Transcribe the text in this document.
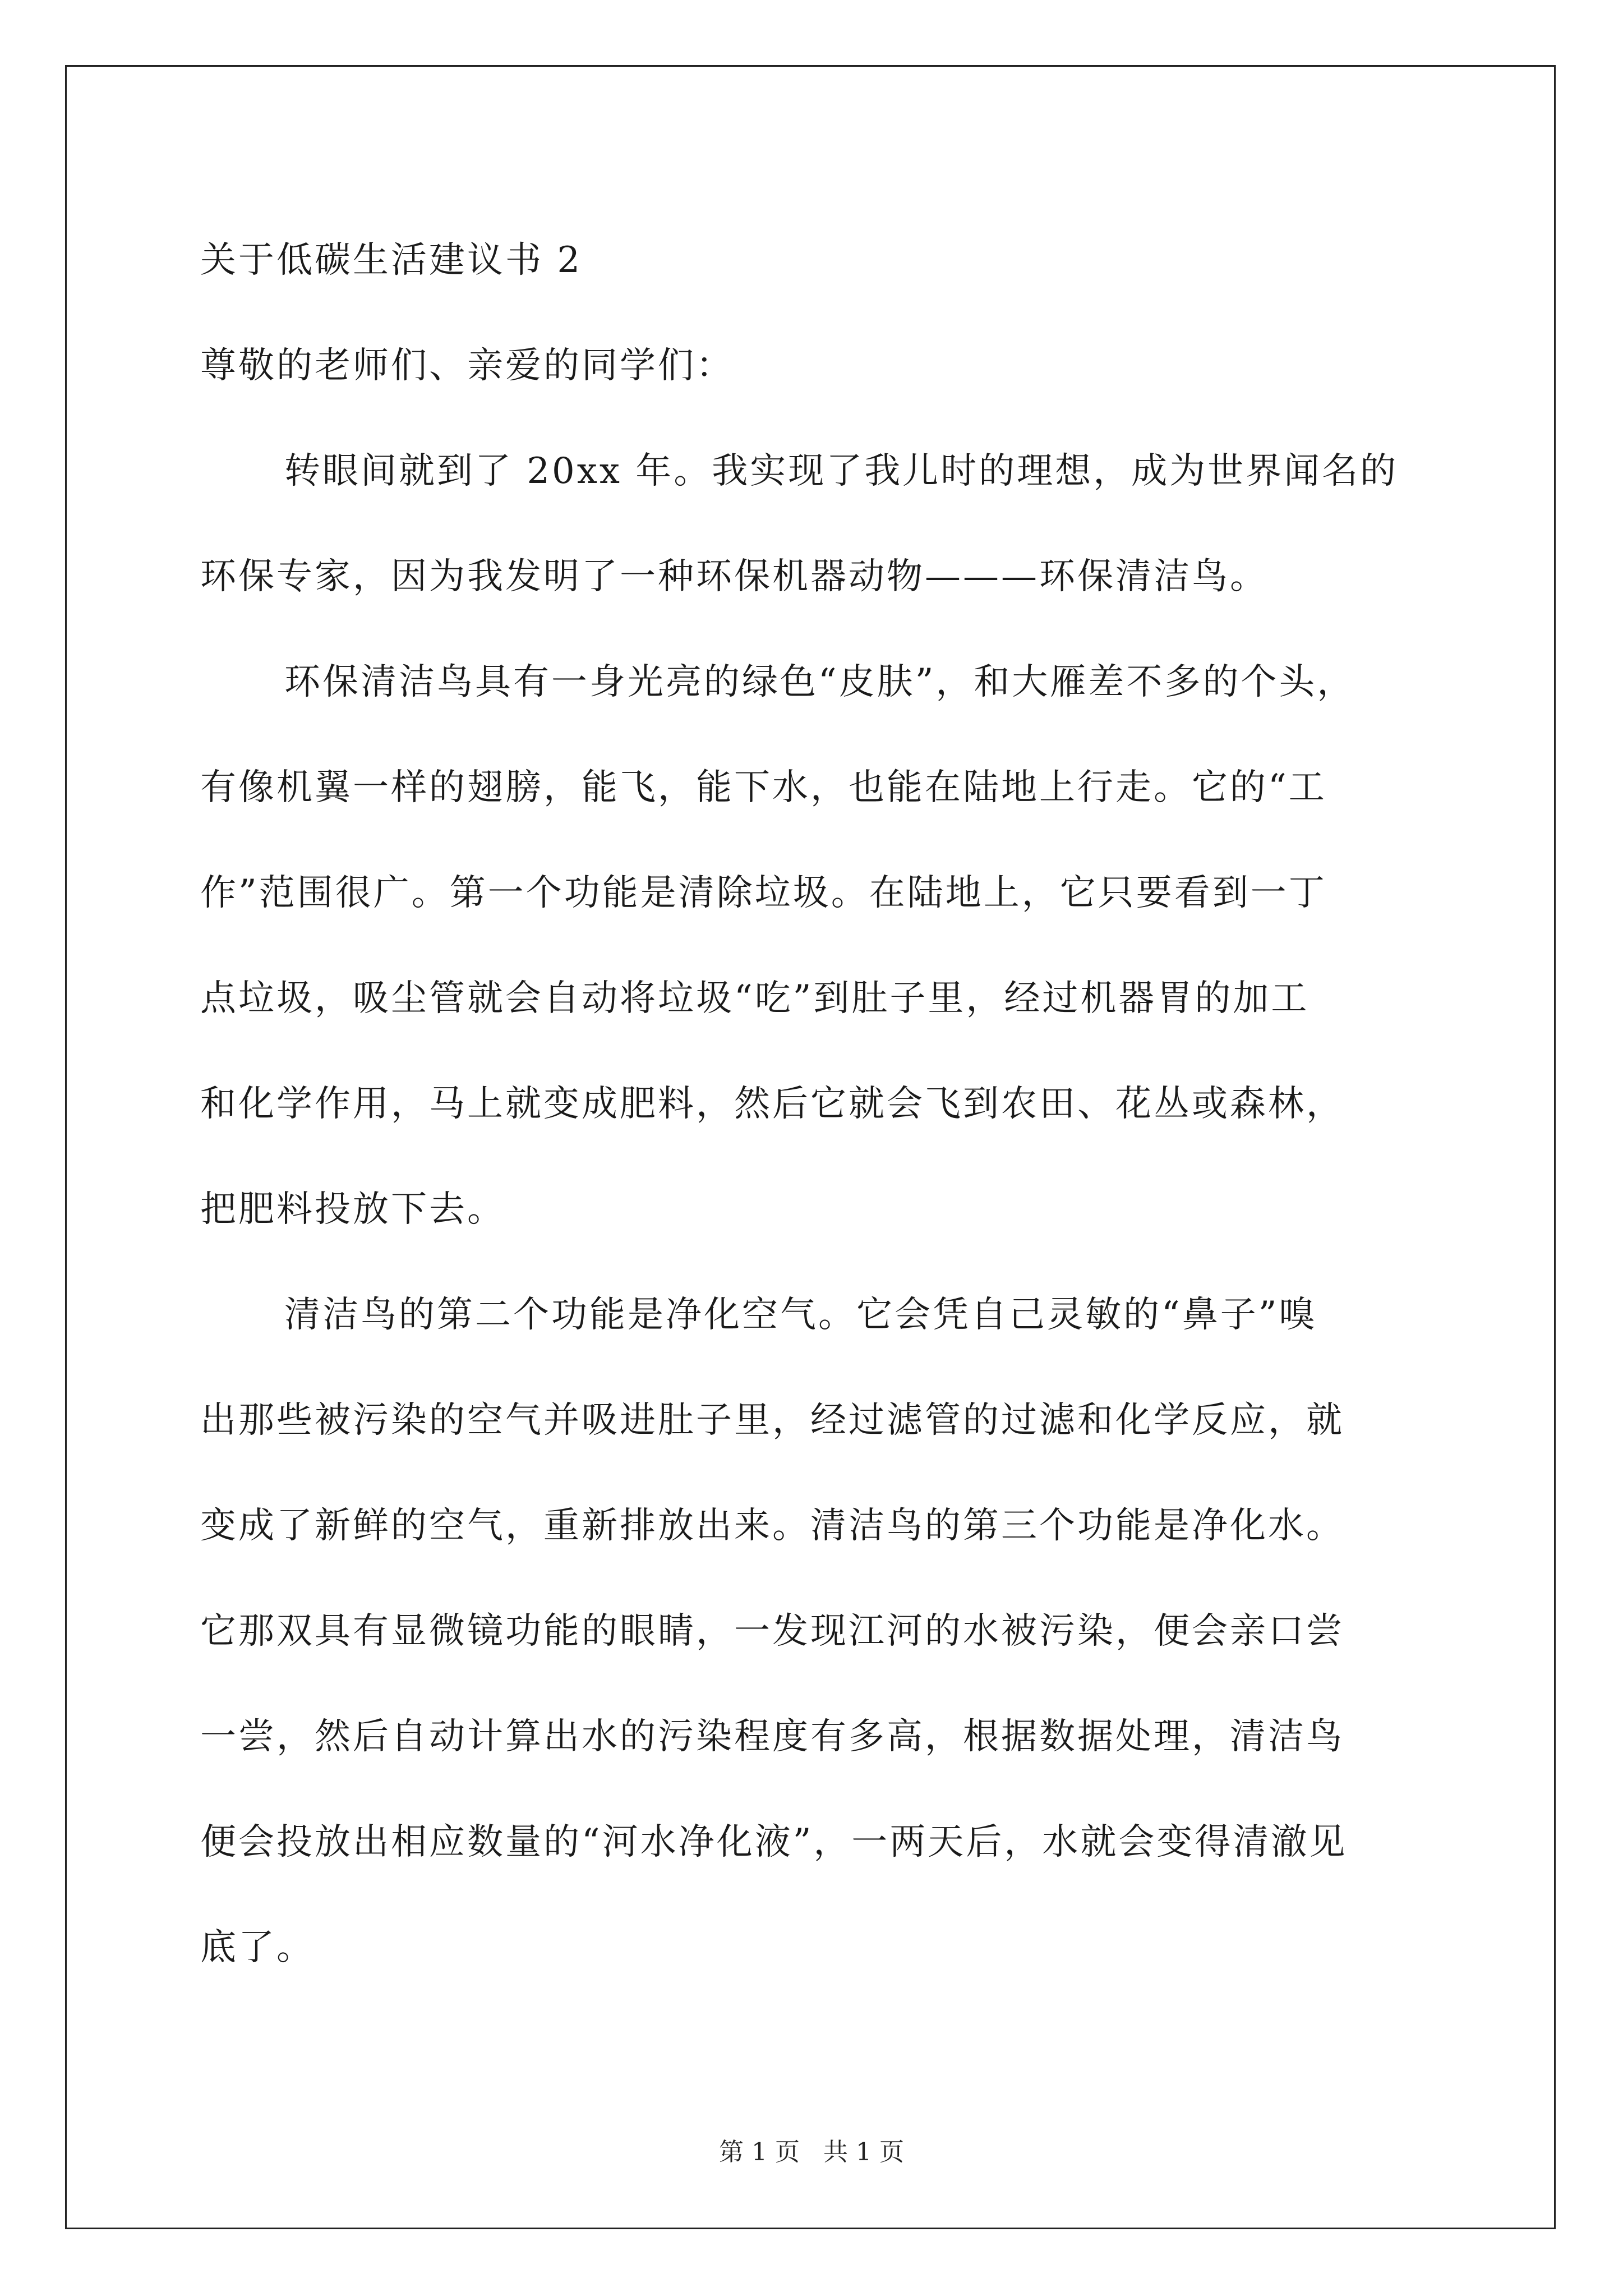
关于低碳生活建议书 2
尊敬的老师们、亲爱的同学们：
转眼间就到了 20xx 年。我实现了我儿时的理想，成为世界闻名的
环保专家，因为我发明了一种环保机器动物———环保清洁鸟。
环保清洁鸟具有一身光亮的绿色“皮肤”，和大雁差不多的个头，
有像机翼一样的翅膀，能飞，能下水，也能在陆地上行走。它的“工
作”范围很广。第一个功能是清除垃圾。在陆地上，它只要看到一丁
点垃圾，吸尘管就会自动将垃圾“吃”到肚子里，经过机器胃的加工
和化学作用，马上就变成肥料，然后它就会飞到农田、花丛或森林，
把肥料投放下去。
清洁鸟的第二个功能是净化空气。它会凭自己灵敏的“鼻子”嗅
出那些被污染的空气并吸进肚子里，经过滤管的过滤和化学反应，就
变成了新鲜的空气，重新排放出来。清洁鸟的第三个功能是净化水。
它那双具有显微镜功能的眼睛，一发现江河的水被污染，便会亲口尝
一尝，然后自动计算出水的污染程度有多高，根据数据处理，清洁鸟
便会投放出相应数量的“河水净化液”，一两天后，水就会变得清澈见
底了。
第 1 页   共 1 页
